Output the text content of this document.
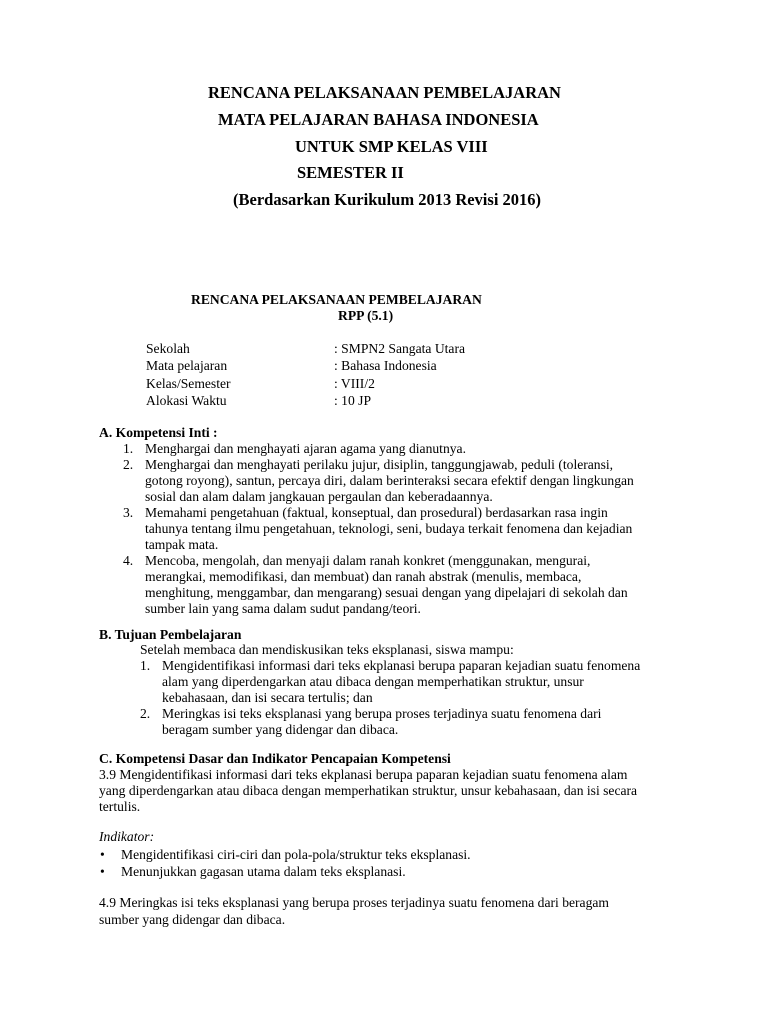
RENCANA PELAKSANAAN PEMBELAJARAN
MATA PELAJARAN BAHASA INDONESIA
UNTUK SMP KELAS VIII
SEMESTER II
(Berdasarkan Kurikulum 2013 Revisi 2016)
RENCANA PELAKSANAAN PEMBELAJARAN
RPP (5.1)
Sekolah	: SMPN2 Sangata Utara
Mata pelajaran	: Bahasa Indonesia
Kelas/Semester	: VIII/2
Alokasi Waktu	: 10 JP
A. Kompetensi Inti :
1. Menghargai dan menghayati ajaran agama yang dianutnya.
2. Menghargai dan menghayati perilaku jujur, disiplin, tanggungjawab, peduli (toleransi,
gotong royong), santun, percaya diri, dalam berinteraksi secara efektif dengan lingkungan
sosial dan alam dalam jangkauan pergaulan dan keberadaannya.
3. Memahami pengetahuan (faktual, konseptual, dan prosedural) berdasarkan rasa ingin
tahunya tentang ilmu pengetahuan, teknologi, seni, budaya terkait fenomena dan kejadian
tampak mata.
4. Mencoba, mengolah, dan menyaji dalam ranah konkret (menggunakan, mengurai,
merangkai, memodifikasi, dan membuat) dan ranah abstrak (menulis, membaca,
menghitung, menggambar, dan mengarang) sesuai dengan yang dipelajari di sekolah dan
sumber lain yang sama dalam sudut pandang/teori.
B. Tujuan Pembelajaran
Setelah membaca dan mendiskusikan teks eksplanasi, siswa mampu:
1. Mengidentifikasi informasi dari teks ekplanasi berupa paparan kejadian suatu fenomena
alam yang diperdengarkan atau dibaca dengan memperhatikan struktur, unsur
kebahasaan, dan isi secara tertulis; dan
2. Meringkas isi teks eksplanasi yang berupa proses terjadinya suatu fenomena dari
beragam sumber yang didengar dan dibaca.
C. Kompetensi Dasar dan Indikator Pencapaian Kompetensi
3.9 Mengidentifikasi informasi dari teks ekplanasi berupa paparan kejadian suatu fenomena alam
yang diperdengarkan atau dibaca dengan memperhatikan struktur, unsur kebahasaan, dan isi secara
tertulis.
Indikator:
• Mengidentifikasi ciri-ciri dan pola-pola/struktur teks eksplanasi.
• Menunjukkan gagasan utama dalam teks eksplanasi.
4.9 Meringkas isi teks eksplanasi yang berupa proses terjadinya suatu fenomena dari beragam
sumber yang didengar dan dibaca.
